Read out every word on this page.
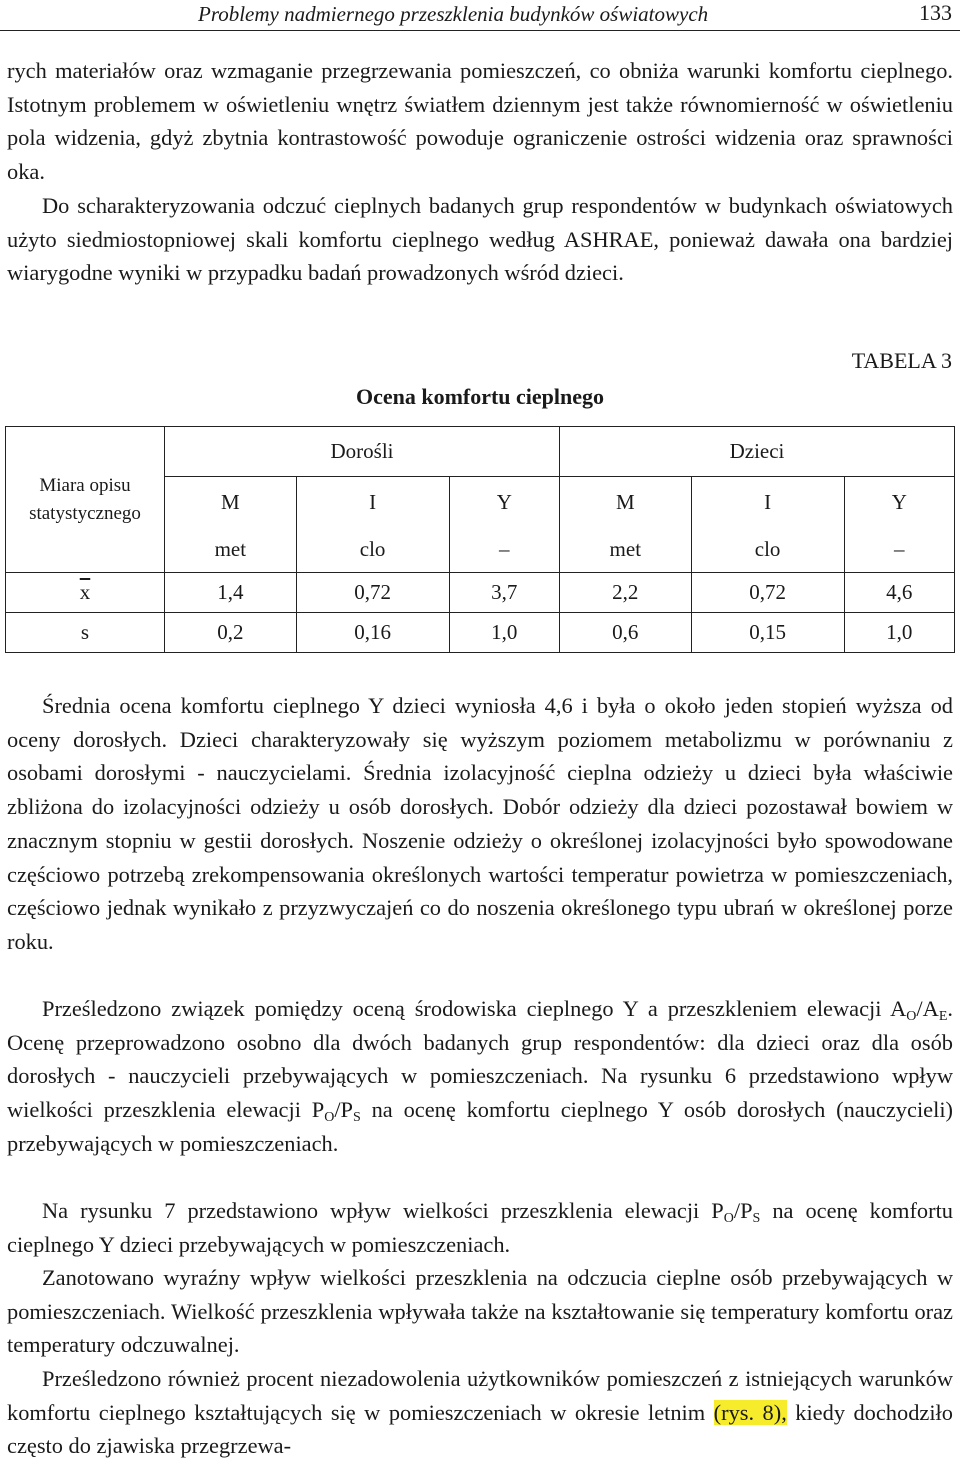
Problemy nadmiernego przeszklenia budynków oświatowych	133

rych materiałów oraz wzmaganie przegrzewania pomieszczeń, co obniża warunki komfortu cieplnego. Istotnym problemem w oświetleniu wnętrz światłem dziennym jest także równomierność w oświetleniu pola widzenia, gdyż zbytnia kontrastowość powoduje ograniczenie ostrości widzenia oraz sprawności oka.

Do scharakteryzowania odczuć cieplnych badanych grup respondentów w budynkach oświatowych użyto siedmiostopniowej skali komfortu cieplnego według ASHRAE, ponieważ dawała ona bardziej wiarygodne wyniki w przypadku badań prowadzonych wśród dzieci.

TABELA 3
Ocena komfortu cieplnego
Miara opisu statystycznego	Dorośli			Dzieci		
	M	I	Y	M	I	Y
	met	clo	–	met	clo	–
$\overline{x}$	1,4	0,72	3,7	2,2	0,72	4,6
s	0,2	0,16	1,0	0,6	0,15	1,0

Średnia ocena komfortu cieplnego Y dzieci wyniosła 4,6 i była o około jeden stopień wyższa od oceny dorosłych. Dzieci charakteryzowały się wyższym poziomem metabolizmu w porównaniu z osobami dorosłymi - nauczycielami. Średnia izolacyjność cieplna odzieży u dzieci była właściwie zbliżona do izolacyjności odzieży u osób dorosłych. Dobór odzieży dla dzieci pozostawał bowiem w znacznym stopniu w gestii dorosłych. Noszenie odzieży o określonej izolacyjności było spowodowane częściowo potrzebą zrekompensowania określonych wartości temperatur powietrza w pomieszczeniach, częściowo jednak wynikało z przyzwyczajeń co do noszenia określonego typu ubrań w określonej porze roku.

Prześledzono związek pomiędzy oceną środowiska cieplnego Y a przeszkleniem elewacji $A_O/A_E$. Ocenę przeprowadzono osobno dla dwóch badanych grup respondentów: dla dzieci oraz dla osób dorosłych - nauczycieli przebywających w pomieszczeniach. Na rysunku 6 przedstawiono wpływ wielkości przeszklenia elewacji $P_O/P_S$ na ocenę komfortu cieplnego Y osób dorosłych (nauczycieli) przebywających w pomieszczeniach.

Na rysunku 7 przedstawiono wpływ wielkości przeszklenia elewacji $P_O/P_S$ na ocenę komfortu cieplnego Y dzieci przebywających w pomieszczeniach.

Zanotowano wyraźny wpływ wielkości przeszklenia na odczucia cieplne osób przebywających w pomieszczeniach. Wielkość przeszklenia wpływała także na kształtowanie się temperatury komfortu oraz temperatury odczuwalnej.

Prześledzono również procent niezadowolenia użytkowników pomieszczeń z istniejących warunków komfortu cieplnego kształtujących się w pomieszczeniach w okresie letnim (rys. 8), kiedy dochodziło często do zjawiska przegrzewa-
